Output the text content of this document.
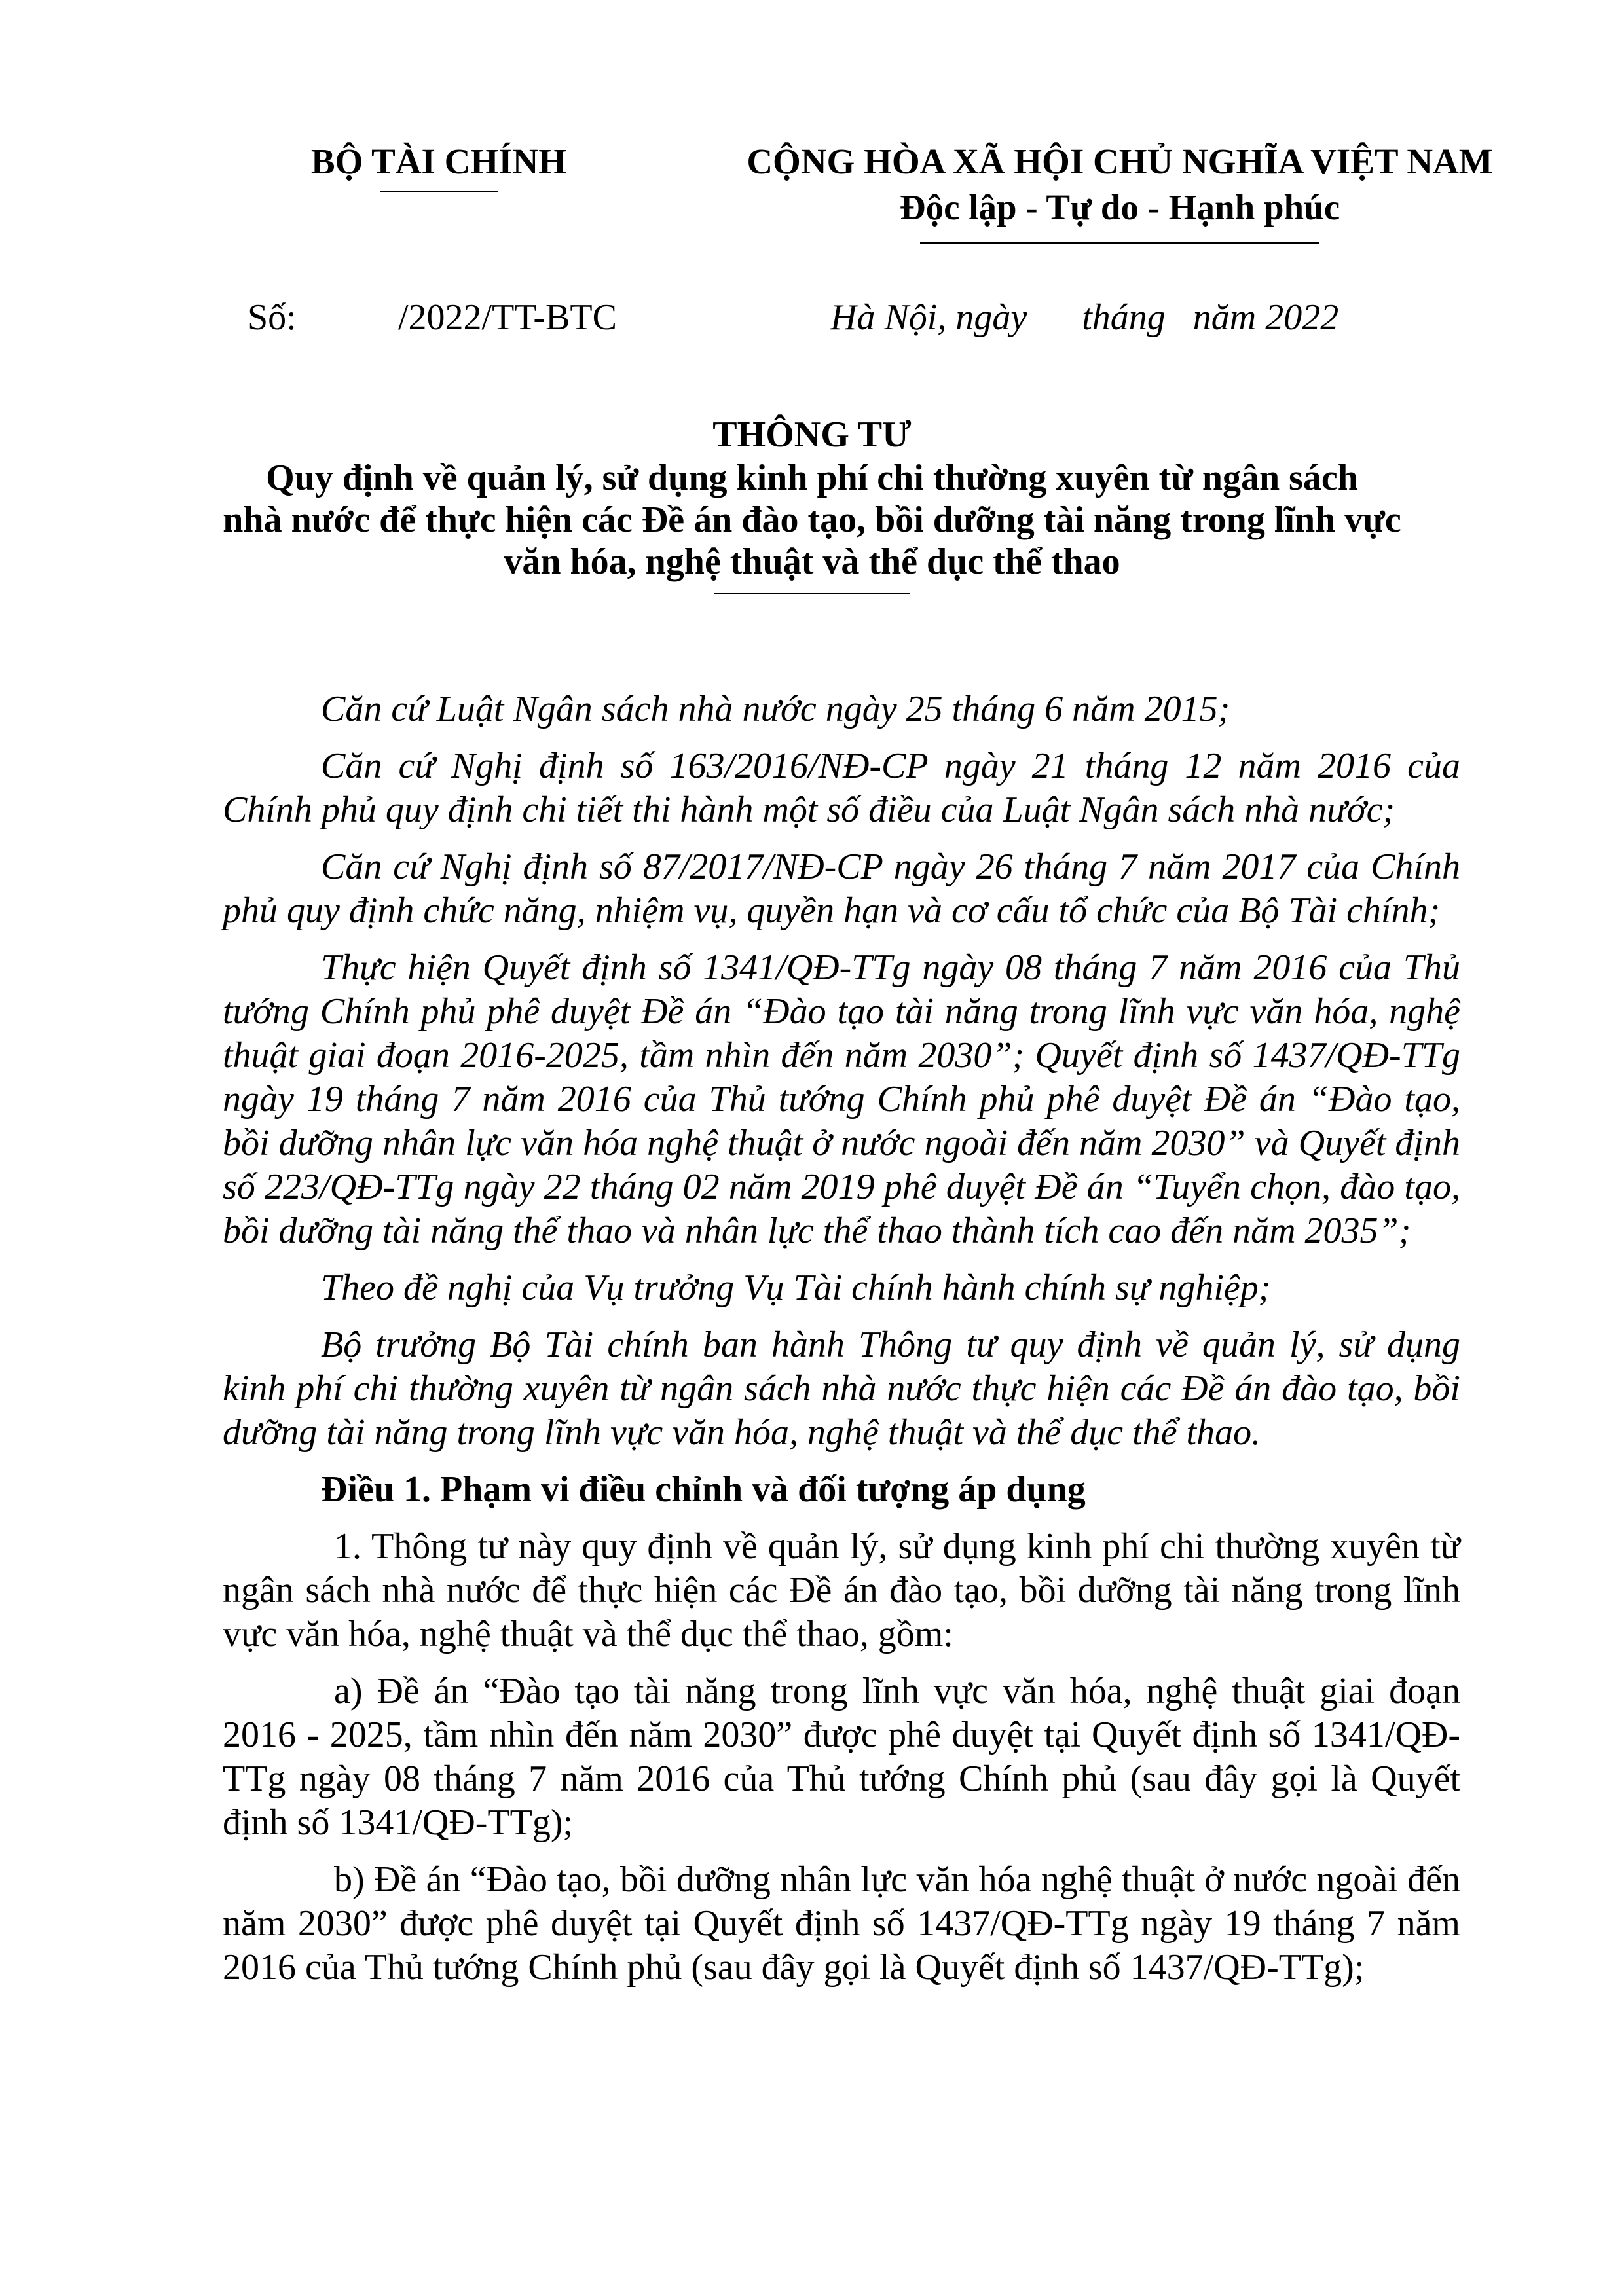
BỘ TÀI CHÍNH	CỘNG HÒA XÃ HỘI CHỦ NGHĨA VIỆT NAM
Độc lập - Tự do - Hạnh phúc
Số:	/2022/TT-BTC	Hà Nội, ngày      tháng   năm 2022
THÔNG TƯ
Quy định về quản lý, sử dụng kinh phí chi thường xuyên từ ngân sách
nhà nước để thực hiện các Đề án đào tạo, bồi dưỡng tài năng trong lĩnh vực
văn hóa, nghệ thuật và thể dục thể thao

Căn cứ Luật Ngân sách nhà nước ngày 25 tháng 6 năm 2015;

Căn cứ Nghị định số 163/2016/NĐ-CP ngày 21 tháng 12 năm 2016 của Chính phủ quy định chi tiết thi hành một số điều của Luật Ngân sách nhà nước;

Căn cứ Nghị định số 87/2017/NĐ-CP ngày 26 tháng 7 năm 2017 của Chính phủ quy định chức năng, nhiệm vụ, quyền hạn và cơ cấu tổ chức của Bộ Tài chính;

Thực hiện Quyết định số 1341/QĐ-TTg ngày 08 tháng 7 năm 2016 của Thủ tướng Chính phủ phê duyệt Đề án “Đào tạo tài năng trong lĩnh vực văn hóa, nghệ thuật giai đoạn 2016-2025, tầm nhìn đến năm 2030”; Quyết định số 1437/QĐ-TTg ngày 19 tháng 7 năm 2016 của Thủ tướng Chính phủ phê duyệt Đề án “Đào tạo, bồi dưỡng nhân lực văn hóa nghệ thuật ở nước ngoài đến năm 2030” và Quyết định số 223/QĐ-TTg ngày 22 tháng 02 năm 2019 phê duyệt Đề án “Tuyển chọn, đào tạo, bồi dưỡng tài năng thể thao và nhân lực thể thao thành tích cao đến năm 2035”;

Theo đề nghị của Vụ trưởng Vụ Tài chính hành chính sự nghiệp;

Bộ trưởng Bộ Tài chính ban hành Thông tư quy định về quản lý, sử dụng kinh phí chi thường xuyên từ ngân sách nhà nước thực hiện các Đề án đào tạo, bồi dưỡng tài năng trong lĩnh vực văn hóa, nghệ thuật và thể dục thể thao.

Điều 1. Phạm vi điều chỉnh và đối tượng áp dụng

1. Thông tư này quy định về quản lý, sử dụng kinh phí chi thường xuyên từ ngân sách nhà nước để thực hiện các Đề án đào tạo, bồi dưỡng tài năng trong lĩnh vực văn hóa, nghệ thuật và thể dục thể thao, gồm:

a) Đề án “Đào tạo tài năng trong lĩnh vực văn hóa, nghệ thuật giai đoạn 2016 - 2025, tầm nhìn đến năm 2030” được phê duyệt tại Quyết định số 1341/QĐ-TTg ngày 08 tháng 7 năm 2016 của Thủ tướng Chính phủ (sau đây gọi là Quyết định số 1341/QĐ-TTg);

b) Đề án “Đào tạo, bồi dưỡng nhân lực văn hóa nghệ thuật ở nước ngoài đến năm 2030” được phê duyệt tại Quyết định số 1437/QĐ-TTg ngày 19 tháng 7 năm 2016 của Thủ tướng Chính phủ (sau đây gọi là Quyết định số 1437/QĐ-TTg);
